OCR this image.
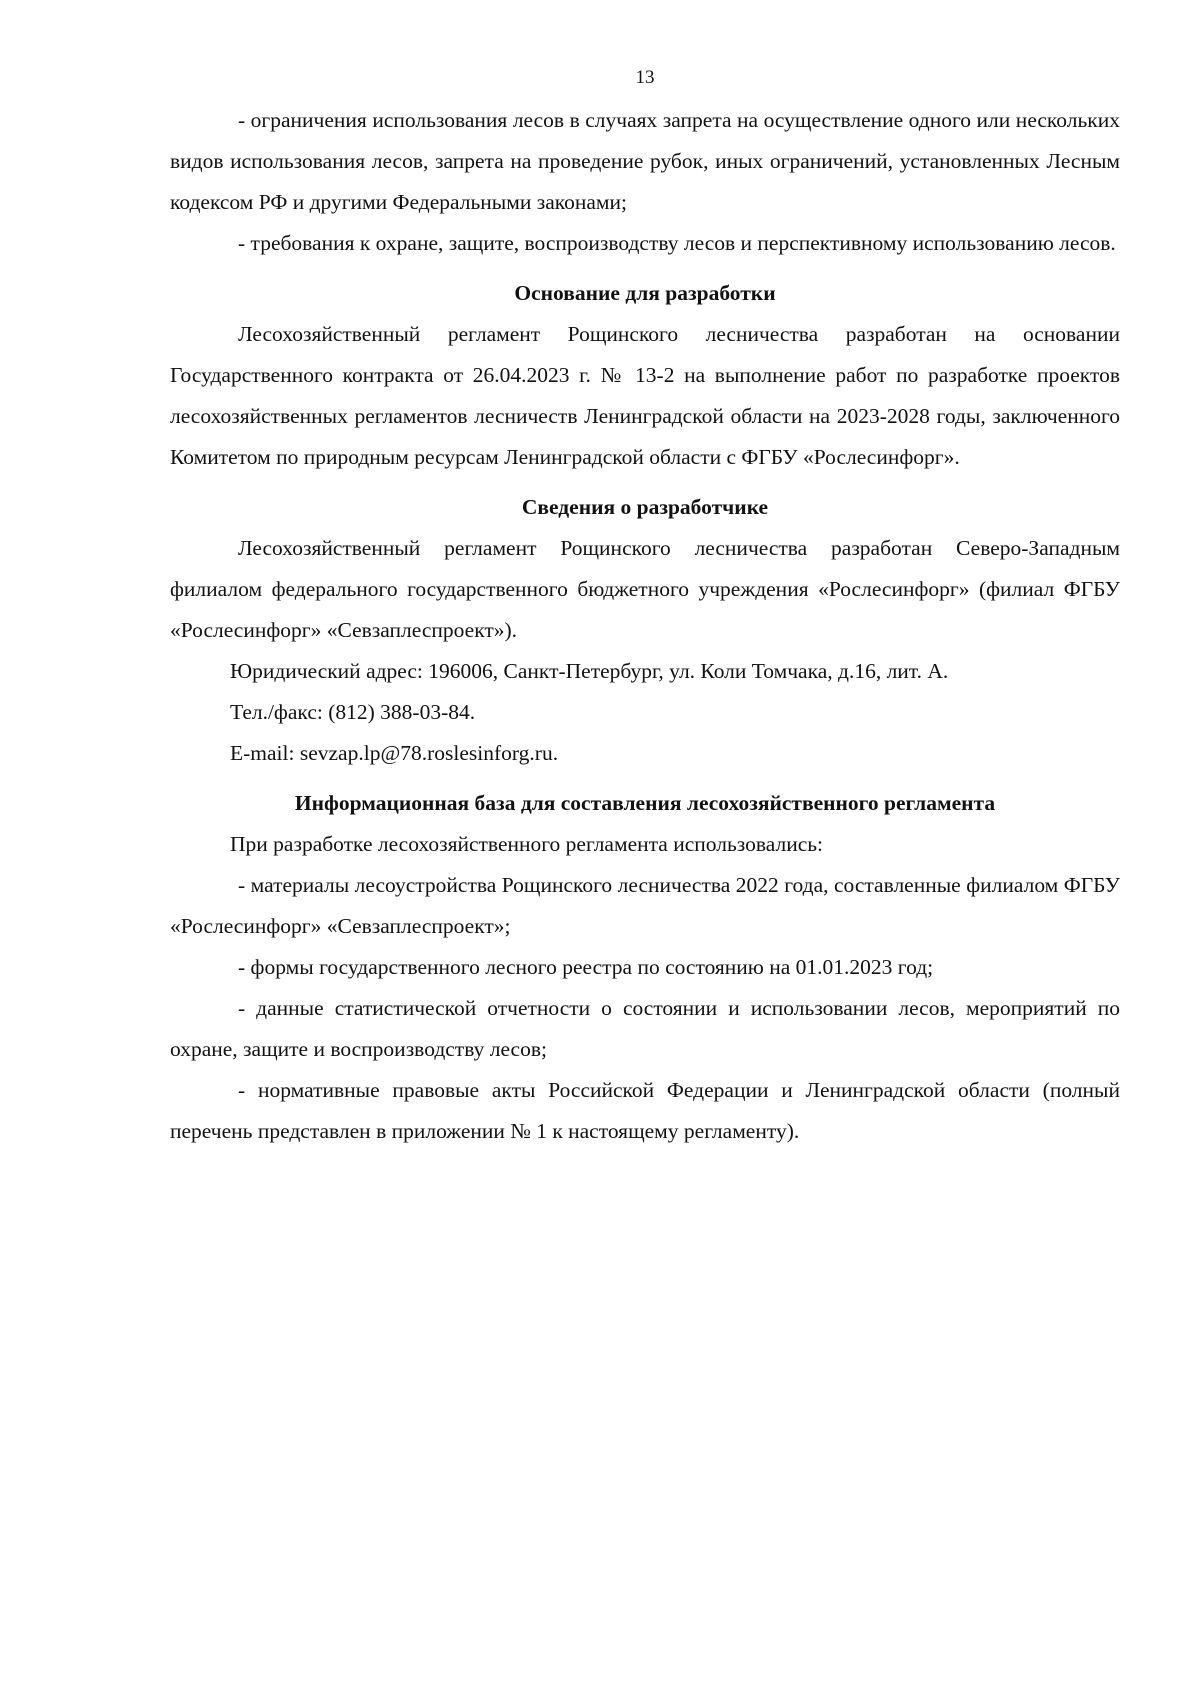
13

- ограничения использования лесов в случаях запрета на осуществление одного или нескольких видов использования лесов, запрета на проведение рубок, иных ограничений, установленных Лесным кодексом РФ и другими Федеральными законами;

- требования к охране, защите, воспроизводству лесов и перспективному использованию лесов.

Основание для разработки

Лесохозяйственный регламент Рощинского лесничества разработан на основании Государственного контракта от 26.04.2023 г. № 13-2 на выполнение работ по разработке проектов лесохозяйственных регламентов лесничеств Ленинградской области на 2023-2028 годы, заключенного Комитетом по природным ресурсам Ленинградской области с ФГБУ «Рослесинфорг».

Сведения о разработчике

Лесохозяйственный регламент Рощинского лесничества разработан Северо-Западным филиалом федерального государственного бюджетного учреждения «Рослесинфорг» (филиал ФГБУ «Рослесинфорг» «Севзаплеспроект»).

Юридический адрес: 196006, Санкт-Петербург, ул. Коли Томчака, д.16, лит. А.

Тел./факс: (812) 388-03-84.

E-mail: sevzap.lp@78.roslesinforg.ru.

Информационная база для составления лесохозяйственного регламента

При разработке лесохозяйственного регламента использовались:

- материалы лесоустройства Рощинского лесничества 2022 года, составленные филиалом ФГБУ «Рослесинфорг» «Севзаплеспроект»;

- формы государственного лесного реестра по состоянию на 01.01.2023 год;

- данные статистической отчетности о состоянии и использовании лесов, мероприятий по охране, защите и воспроизводству лесов;

- нормативные правовые акты Российской Федерации и Ленинградской области (полный перечень представлен в приложении № 1 к настоящему регламенту).
